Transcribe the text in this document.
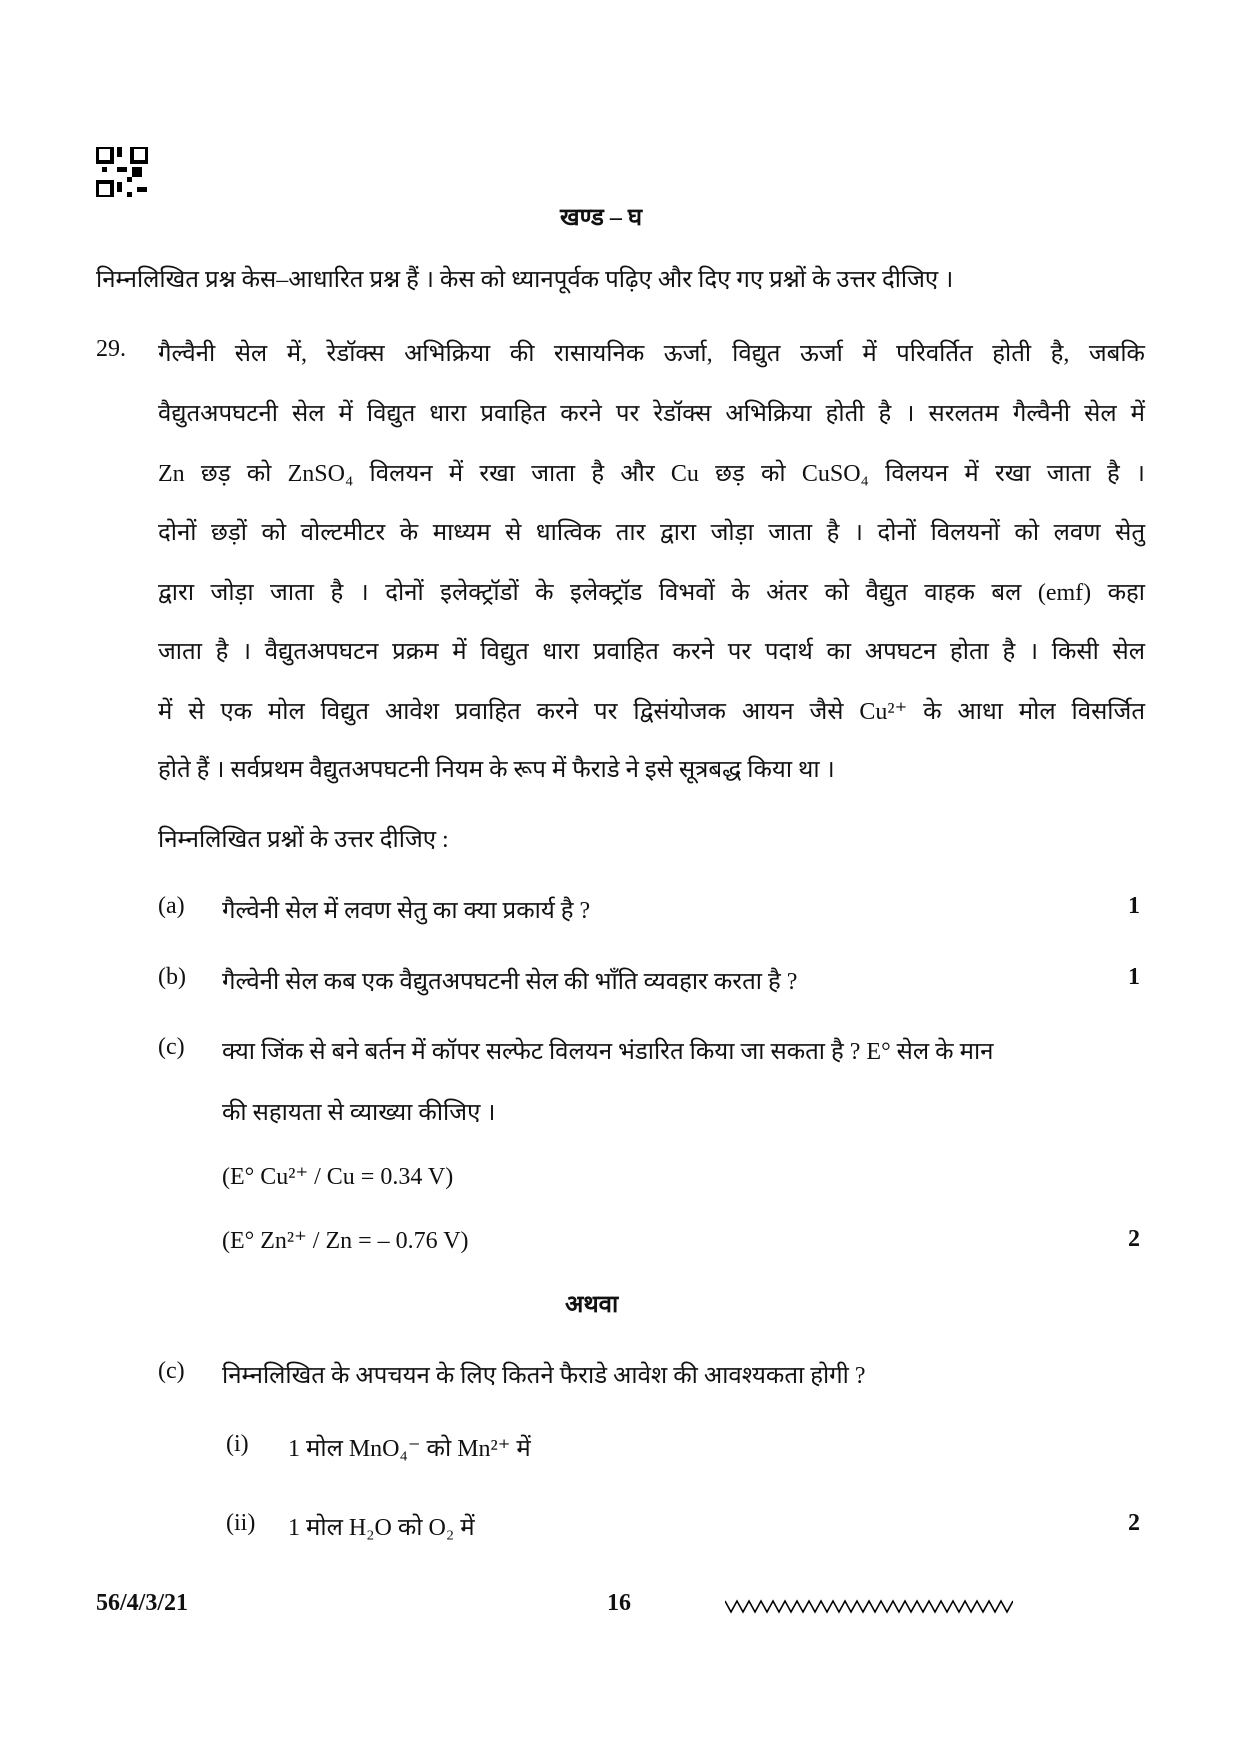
खण्ड – घ
निम्नलिखित प्रश्न केस–आधारित प्रश्न हैं । केस को ध्यानपूर्वक पढ़िए और दिए गए प्रश्नों के उत्तर दीजिए ।
29. गैल्वैनी सेल में, रेडॉक्स अभिक्रिया की रासायनिक ऊर्जा, विद्युत ऊर्जा में परिवर्तित होती है, जबकि
वैद्युतअपघटनी सेल में विद्युत धारा प्रवाहित करने पर रेडॉक्स अभिक्रिया होती है । सरलतम गैल्वैनी सेल में
Zn छड़ को ZnSO₄ विलयन में रखा जाता है और Cu छड़ को CuSO₄ विलयन में रखा जाता है ।
दोनों छड़ों को वोल्टमीटर के माध्यम से धात्विक तार द्वारा जोड़ा जाता है । दोनों विलयनों को लवण सेतु
द्वारा जोड़ा जाता है । दोनों इलेक्ट्रॉडों के इलेक्ट्रॉड विभवों के अंतर को वैद्युत वाहक बल (emf) कहा
जाता है । वैद्युतअपघटन प्रक्रम में विद्युत धारा प्रवाहित करने पर पदार्थ का अपघटन होता है । किसी सेल
में से एक मोल विद्युत आवेश प्रवाहित करने पर द्विसंयोजक आयन जैसे Cu²⁺ के आधा मोल विसर्जित
होते हैं । सर्वप्रथम वैद्युतअपघटनी नियम के रूप में फैराडे ने इसे सूत्रबद्ध किया था ।
निम्नलिखित प्रश्नों के उत्तर दीजिए :
(a) गैल्वेनी सेल में लवण सेतु का क्या प्रकार्य है ?	1
(b) गैल्वेनी सेल कब एक वैद्युतअपघटनी सेल की भाँति व्यवहार करता है ?	1
(c) क्या जिंक से बने बर्तन में कॉपर सल्फेट विलयन भंडारित किया जा सकता है ? E° सेल के मान
की सहायता से व्याख्या कीजिए ।
(E° Cu²⁺ / Cu = 0.34 V)
(E° Zn²⁺ / Zn = – 0.76 V)	2
अथवा
(c) निम्नलिखित के अपचयन के लिए कितने फैराडे आवेश की आवश्यकता होगी ?
(i) 1 मोल MnO₄⁻ को Mn²⁺ में
(ii) 1 मोल H₂O को O₂ में	2
56/4/3/21	16
